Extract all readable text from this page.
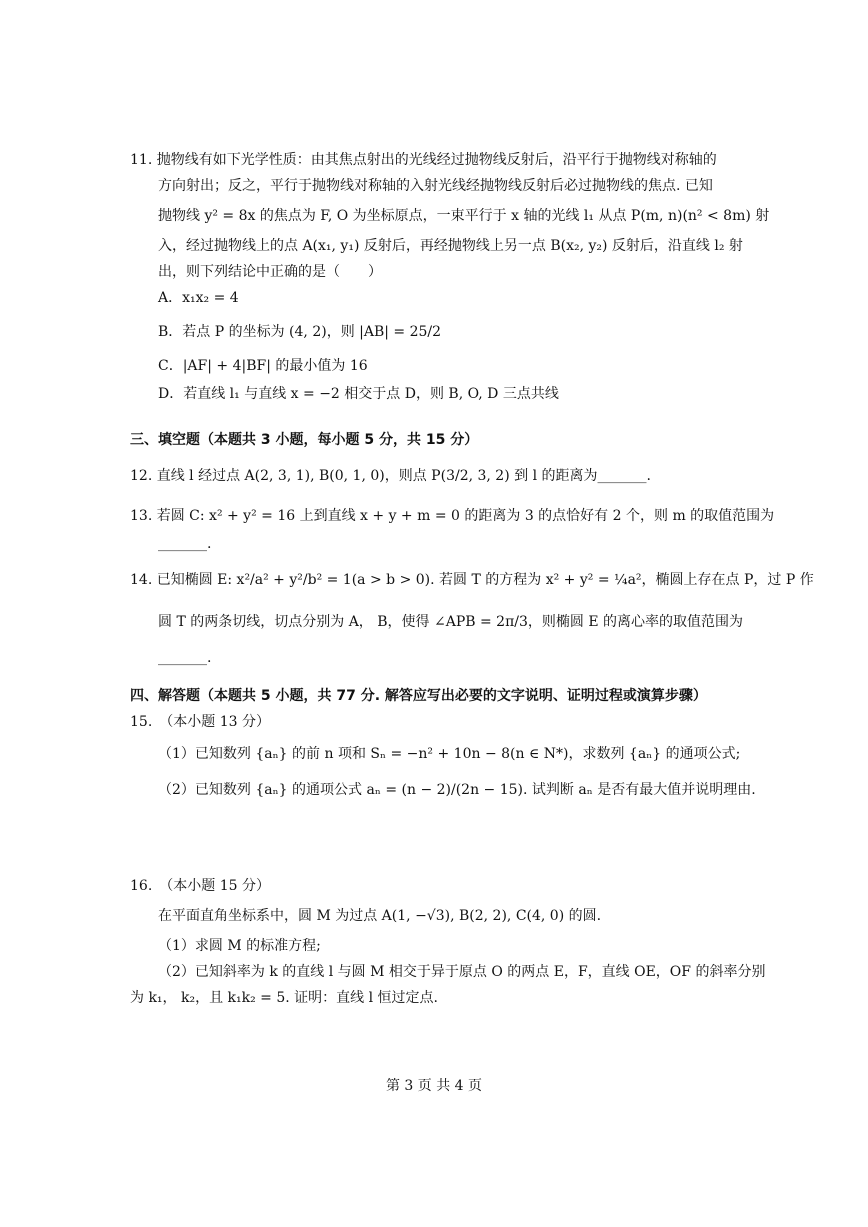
11. 抛物线有如下光学性质：由其焦点射出的光线经过抛物线反射后，沿平行于抛物线对称轴的
方向射出；反之，平行于抛物线对称轴的入射光线经抛物线反射后必过抛物线的焦点. 已知
抛物线 y² = 8x 的焦点为 F, O 为坐标原点，一束平行于 x 轴的光线 l₁ 从点 P(m, n)(n² < 8m) 射
入，经过抛物线上的点 A(x₁, y₁) 反射后，再经抛物线上另一点 B(x₂, y₂) 反射后，沿直线 l₂ 射
出，则下列结论中正确的是（　　）
A．x₁x₂ = 4
B．若点 P 的坐标为 (4, 2)，则 |AB| = 25/2
C．|AF| + 4|BF| 的最小值为 16
D．若直线 l₁ 与直线 x = −2 相交于点 D，则 B, O, D 三点共线
三、填空题（本题共 3 小题，每小题 5 分，共 15 分）
12. 直线 l 经过点 A(2, 3, 1), B(0, 1, 0)，则点 P(3/2, 3, 2) 到 l 的距离为_______.
13. 若圆 C: x² + y² = 16 上到直线 x + y + m = 0 的距离为 3 的点恰好有 2 个，则 m 的取值范围为
_______.
14. 已知椭圆 E: x²/a² + y²/b² = 1(a > b > 0). 若圆 T 的方程为 x² + y² = ¼a²，椭圆上存在点 P，过 P 作
圆 T 的两条切线，切点分别为 A， B，使得 ∠APB = 2π/3，则椭圆 E 的离心率的取值范围为
_______.
四、解答题（本题共 5 小题，共 77 分. 解答应写出必要的文字说明、证明过程或演算步骤）
15.　（本小题 13 分）
（1）已知数列 {aₙ} 的前 n 项和 Sₙ = −n² + 10n − 8(n ∈ N*)，求数列 {aₙ} 的通项公式;
（2）已知数列 {aₙ} 的通项公式 aₙ = (n − 2)/(2n − 15). 试判断 aₙ 是否有最大值并说明理由.
16.　（本小题 15 分）
在平面直角坐标系中，圆 M 为过点 A(1, −√3), B(2, 2), C(4, 0) 的圆.
（1）求圆 M 的标准方程;
（2）已知斜率为 k 的直线 l 与圆 M 相交于异于原点 O 的两点 E，F，直线 OE，OF 的斜率分别
为 k₁， k₂，且 k₁k₂ = 5. 证明：直线 l 恒过定点.
第 3 页 共 4 页
